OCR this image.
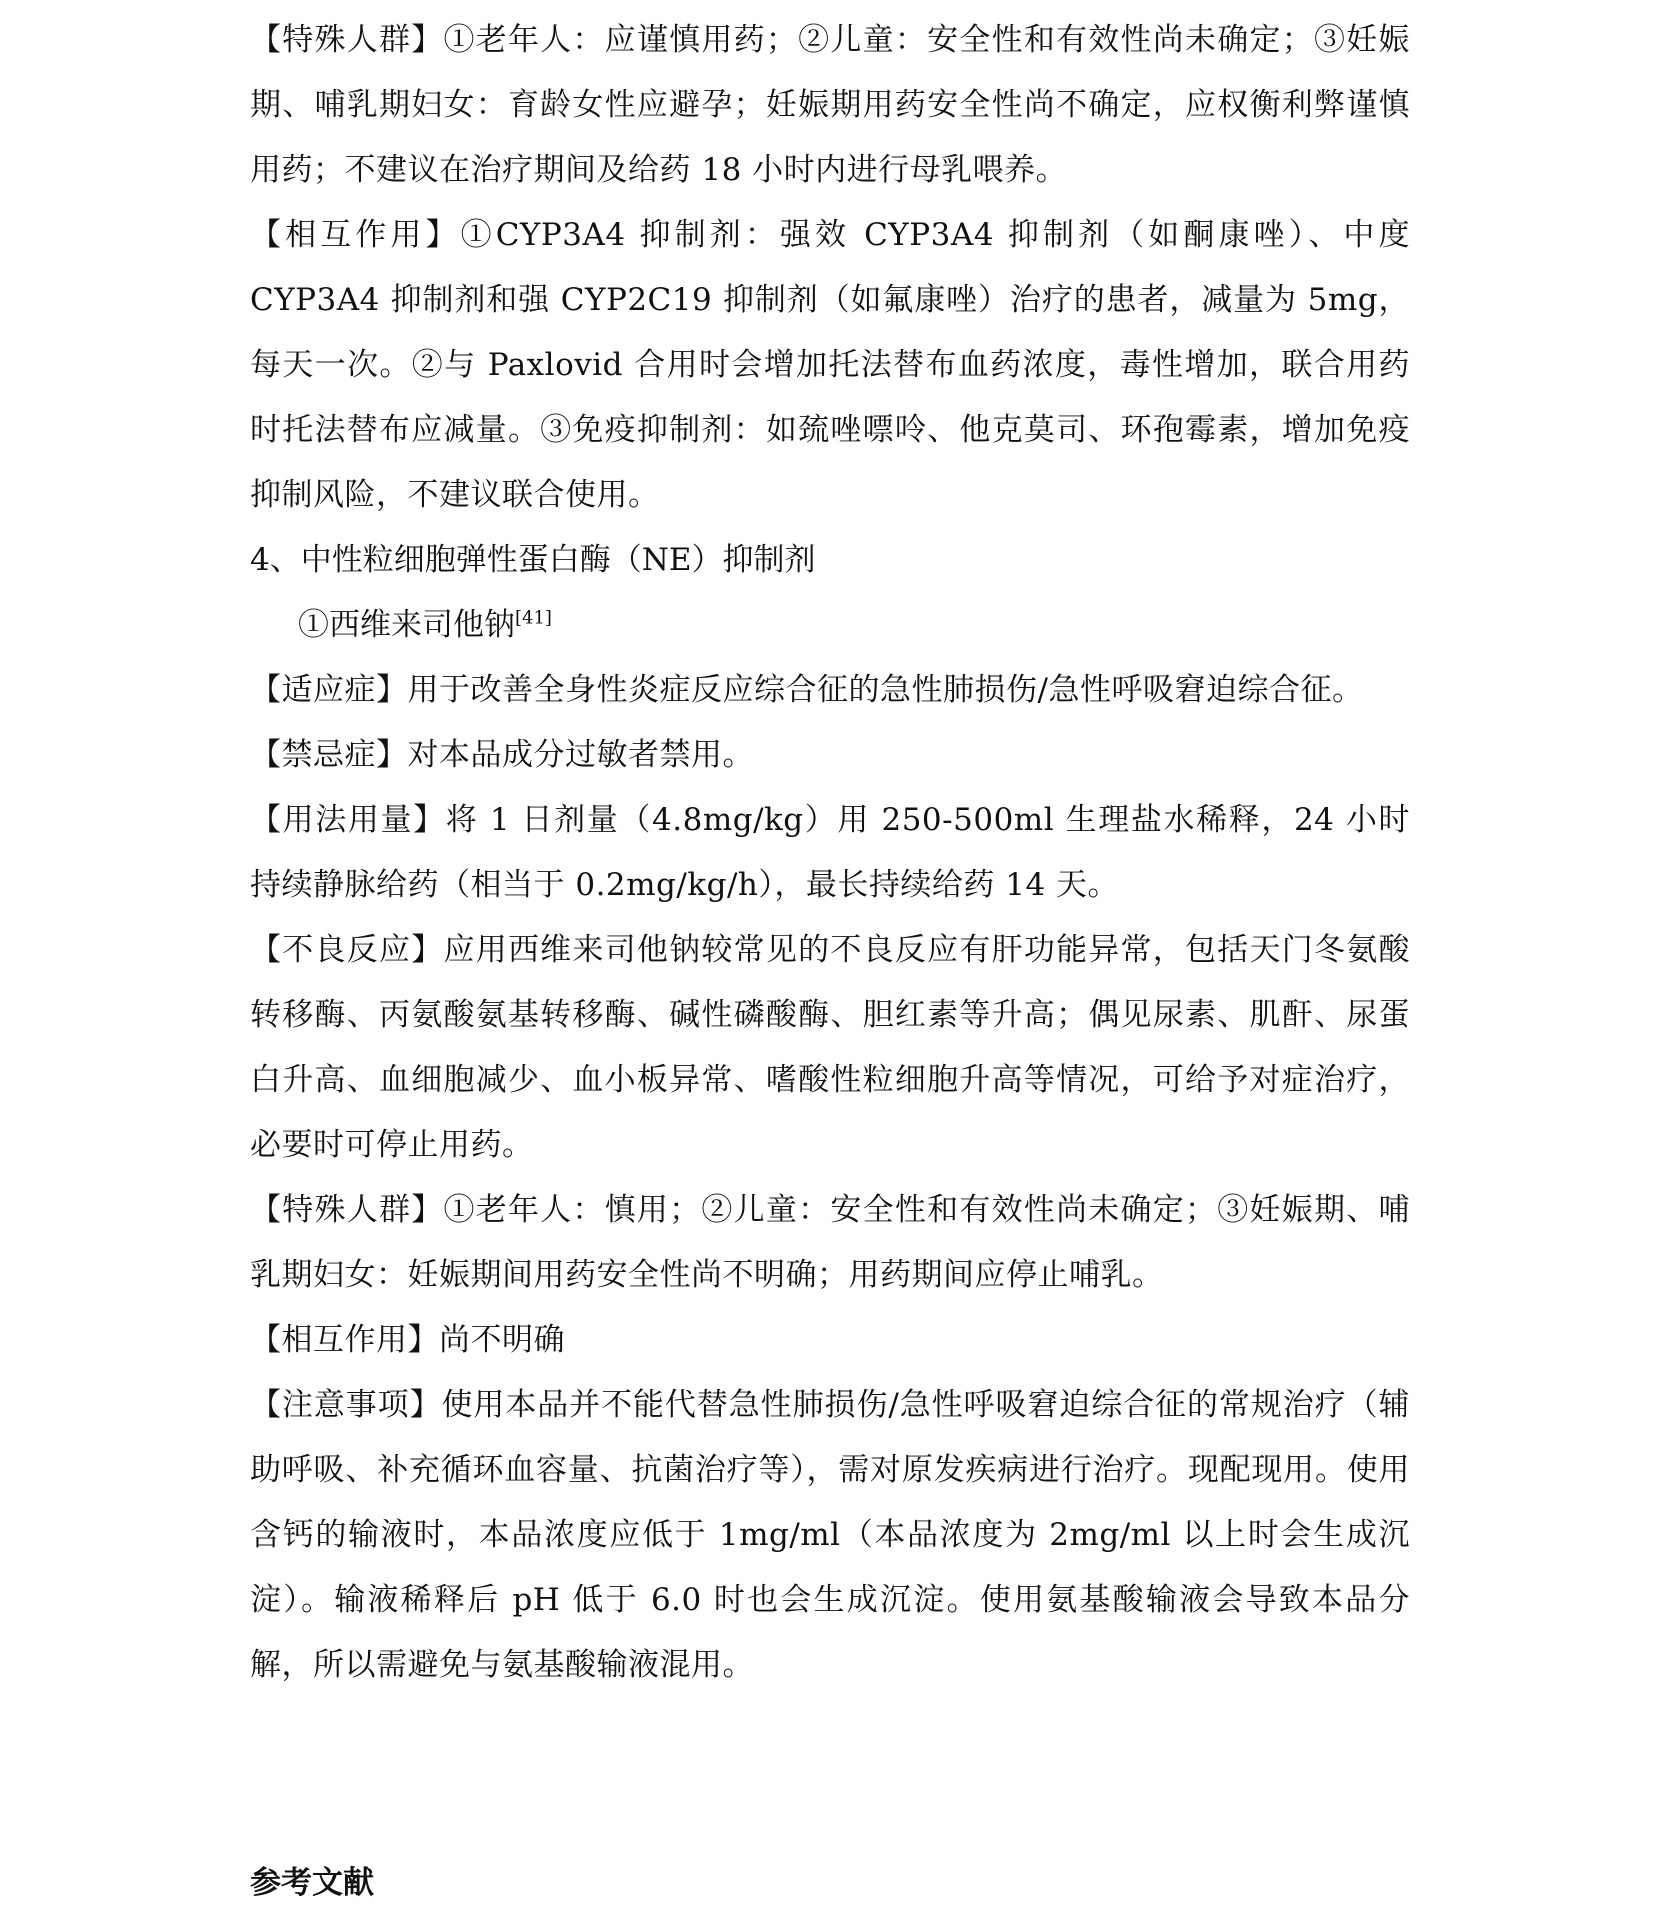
【特殊人群】①老年人：应谨慎用药；②儿童：安全性和有效性尚未确定；③妊娠期、哺乳期妇女：育龄女性应避孕；妊娠期用药安全性尚不确定，应权衡利弊谨慎用药；不建议在治疗期间及给药 18 小时内进行母乳喂养。

【相互作用】①CYP3A4 抑制剂：强效 CYP3A4 抑制剂（如酮康唑）、中度 CYP3A4 抑制剂和强 CYP2C19 抑制剂（如氟康唑）治疗的患者，减量为 5mg，每天一次。②与 Paxlovid 合用时会增加托法替布血药浓度，毒性增加，联合用药时托法替布应减量。③免疫抑制剂：如巯唑嘌呤、他克莫司、环孢霉素，增加免疫抑制风险，不建议联合使用。

4、中性粒细胞弹性蛋白酶（NE）抑制剂

①西维来司他钠[41]

【适应症】用于改善全身性炎症反应综合征的急性肺损伤/急性呼吸窘迫综合征。

【禁忌症】对本品成分过敏者禁用。

【用法用量】将 1 日剂量（4.8mg/kg）用 250-500ml 生理盐水稀释，24 小时持续静脉给药（相当于 0.2mg/kg/h），最长持续给药 14 天。

【不良反应】应用西维来司他钠较常见的不良反应有肝功能异常，包括天门冬氨酸转移酶、丙氨酸氨基转移酶、碱性磷酸酶、胆红素等升高；偶见尿素、肌酐、尿蛋白升高、血细胞减少、血小板异常、嗜酸性粒细胞升高等情况，可给予对症治疗，必要时可停止用药。

【特殊人群】①老年人：慎用；②儿童：安全性和有效性尚未确定；③妊娠期、哺乳期妇女：妊娠期间用药安全性尚不明确；用药期间应停止哺乳。

【相互作用】尚不明确

【注意事项】使用本品并不能代替急性肺损伤/急性呼吸窘迫综合征的常规治疗（辅助呼吸、补充循环血容量、抗菌治疗等），需对原发疾病进行治疗。现配现用。使用含钙的输液时，本品浓度应低于 1mg/ml（本品浓度为 2mg/ml 以上时会生成沉淀）。输液稀释后 pH 低于 6.0 时也会生成沉淀。使用氨基酸输液会导致本品分解，所以需避免与氨基酸输液混用。

参考文献
